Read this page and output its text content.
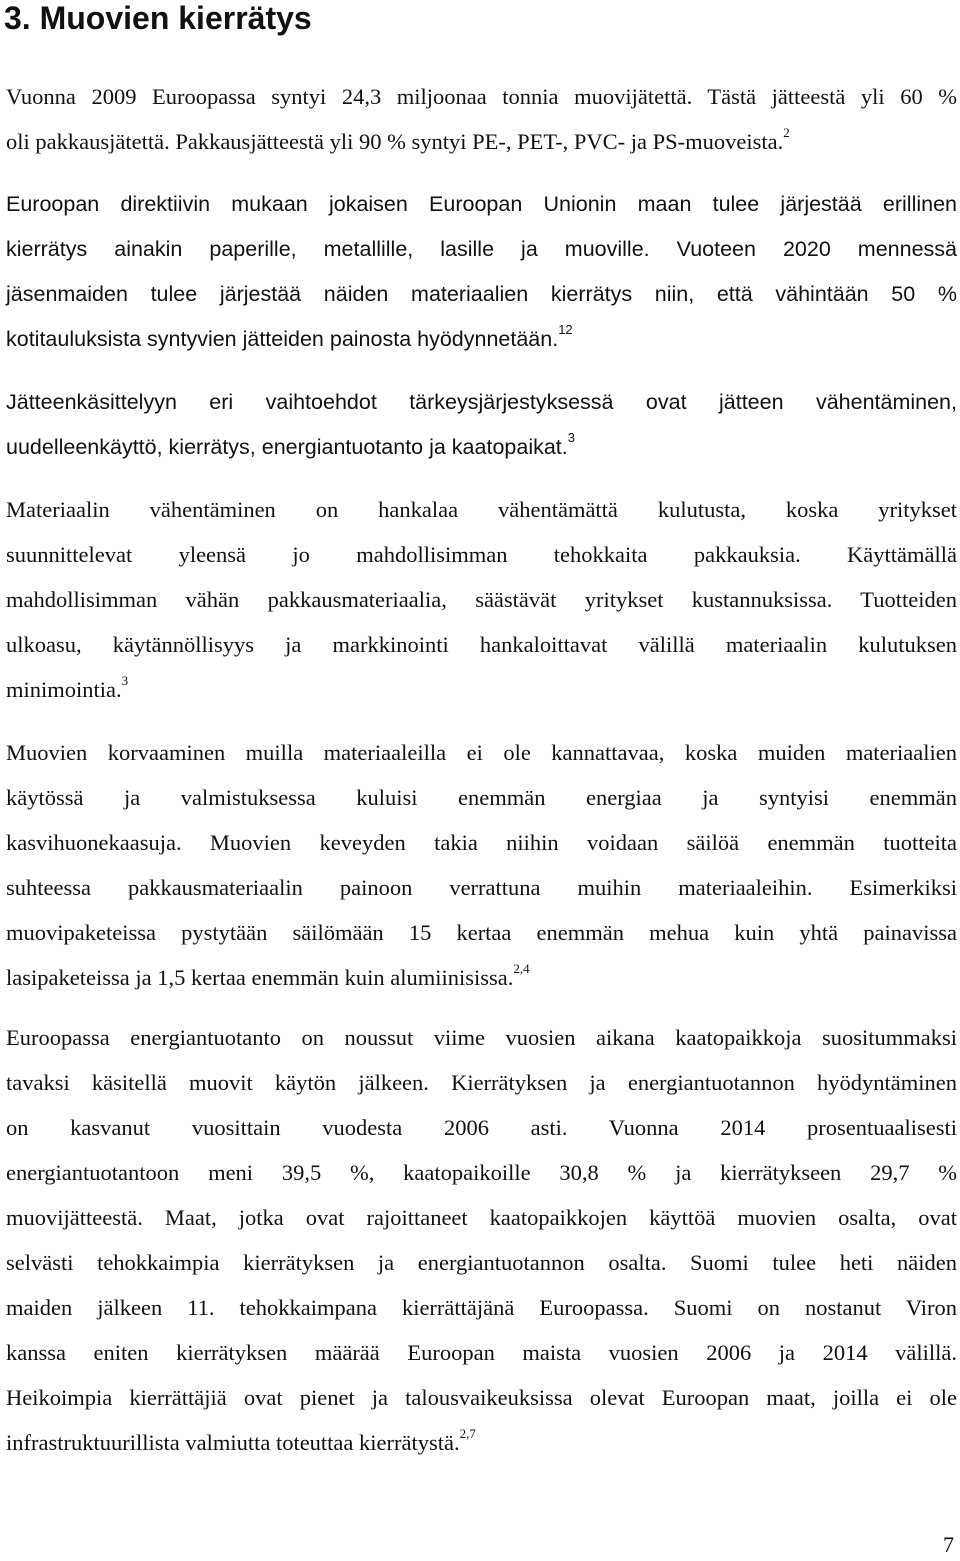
3. Muovien kierrätys
Vuonna 2009 Euroopassa syntyi 24,3 miljoonaa tonnia muovijätettä. Tästä jätteestä yli 60 %
oli pakkausjätettä. Pakkausjätteestä yli 90 % syntyi PE-, PET-, PVC- ja PS-muoveista.$^2$
Euroopan direktiivin mukaan jokaisen Euroopan Unionin maan tulee järjestää erillinen
kierrätys ainakin paperille, metallille, lasille ja muoville. Vuoteen 2020 mennessä
jäsenmaiden tulee järjestää näiden materiaalien kierrätys niin, että vähintään 50 %
kotitauluksista syntyvien jätteiden painosta hyödynnetään.$^{12}$
Jätteenkäsittelyyn eri vaihtoehdot tärkeysjärjestyksessä ovat jätteen vähentäminen,
uudelleenkäyttö, kierrätys, energiantuotanto ja kaatopaikat.$^3$
Materiaalin vähentäminen on hankalaa vähentämättä kulutusta, koska yritykset
suunnittelevat yleensä jo mahdollisimman tehokkaita pakkauksia. Käyttämällä
mahdollisimman vähän pakkausmateriaalia, säästävät yritykset kustannuksissa. Tuotteiden
ulkoasu, käytännöllisyys ja markkinointi hankaloittavat välillä materiaalin kulutuksen
minimointia.$^3$
Muovien korvaaminen muilla materiaaleilla ei ole kannattavaa, koska muiden materiaalien
käytössä ja valmistuksessa kuluisi enemmän energiaa ja syntyisi enemmän
kasvihuonekaasuja. Muovien keveyden takia niihin voidaan säilöä enemmän tuotteita
suhteessa pakkausmateriaalin painoon verrattuna muihin materiaaleihin. Esimerkiksi
muovipaketeissa pystytään säilömään 15 kertaa enemmän mehua kuin yhtä painavissa
lasipaketeissa ja 1,5 kertaa enemmän kuin alumiinisissa.$^{2,4}$
Euroopassa energiantuotanto on noussut viime vuosien aikana kaatopaikkoja suositummaksi
tavaksi käsitellä muovit käytön jälkeen. Kierrätyksen ja energiantuotannon hyödyntäminen
on kasvanut vuosittain vuodesta 2006 asti. Vuonna 2014 prosentuaalisesti
energiantuotantoon meni 39,5 %, kaatopaikoille 30,8 % ja kierrätykseen 29,7 %
muovijätteestä. Maat, jotka ovat rajoittaneet kaatopaikkojen käyttöä muovien osalta, ovat
selvästi tehokkaimpia kierrätyksen ja energiantuotannon osalta. Suomi tulee heti näiden
maiden jälkeen 11. tehokkaimpana kierrättäjänä Euroopassa. Suomi on nostanut Viron
kanssa eniten kierrätyksen määrää Euroopan maista vuosien 2006 ja 2014 välillä.
Heikoimpia kierrättäjiä ovat pienet ja talousvaikeuksissa olevat Euroopan maat, joilla ei ole
infrastruktuurillista valmiutta toteuttaa kierrätystä.$^{2,7}$

7
